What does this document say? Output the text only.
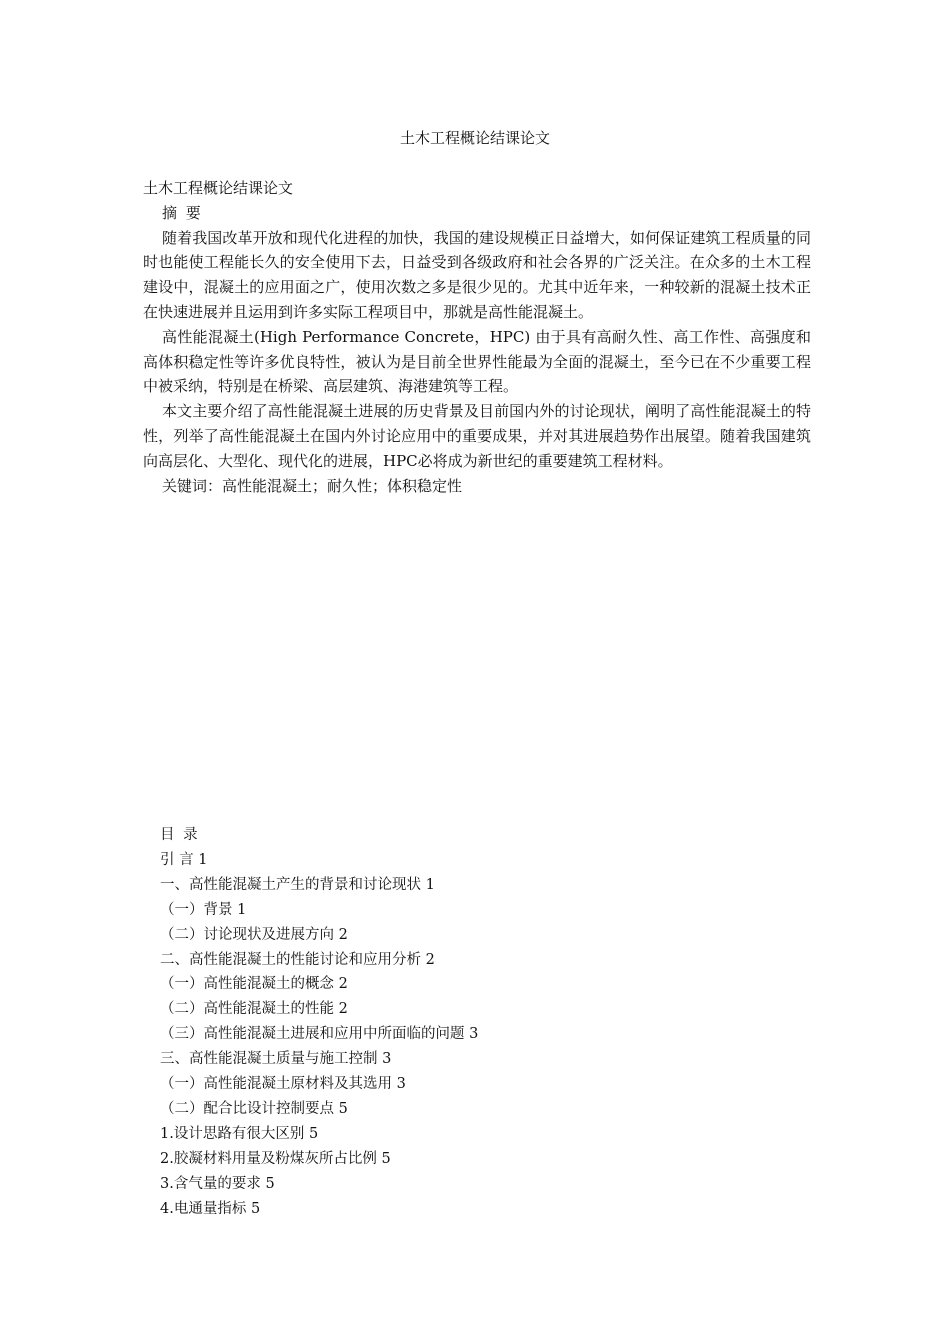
土木工程概论结课论文

土木工程概论结课论文

摘 要

随着我国改革开放和现代化进程的加快，我国的建设规模正日益增大，如何保证建筑工程质量的同时也能使工程能长久的安全使用下去，日益受到各级政府和社会各界的广泛关注。在众多的土木工程建设中，混凝土的应用面之广，使用次数之多是很少见的。尤其中近年来，一种较新的混凝土技术正在快速进展并且运用到许多实际工程项目中，那就是高性能混凝土。

高性能混凝土(High Performance Concrete，HPC) 由于具有高耐久性、高工作性、高强度和高体积稳定性等许多优良特性，被认为是目前全世界性能最为全面的混凝土，至今已在不少重要工程中被采纳，特别是在桥梁、高层建筑、海港建筑等工程。

本文主要介绍了高性能混凝土进展的历史背景及目前国内外的讨论现状，阐明了高性能混凝土的特性，列举了高性能混凝土在国内外讨论应用中的重要成果，并对其进展趋势作出展望。随着我国建筑向高层化、大型化、现代化的进展，HPC必将成为新世纪的重要建筑工程材料。

关键词：高性能混凝土；耐久性；体积稳定性

目 录
引 言 1
一、高性能混凝土产生的背景和讨论现状 1
（一）背景 1
（二）讨论现状及进展方向 2
二、高性能混凝土的性能讨论和应用分析 2
（一）高性能混凝土的概念 2
（二）高性能混凝土的性能 2
（三）高性能混凝土进展和应用中所面临的问题 3
三、高性能混凝土质量与施工控制 3
（一）高性能混凝土原材料及其选用 3
（二）配合比设计控制要点 5
1.设计思路有很大区别 5
2.胶凝材料用量及粉煤灰所占比例 5
3.含气量的要求 5
4.电通量指标 5
